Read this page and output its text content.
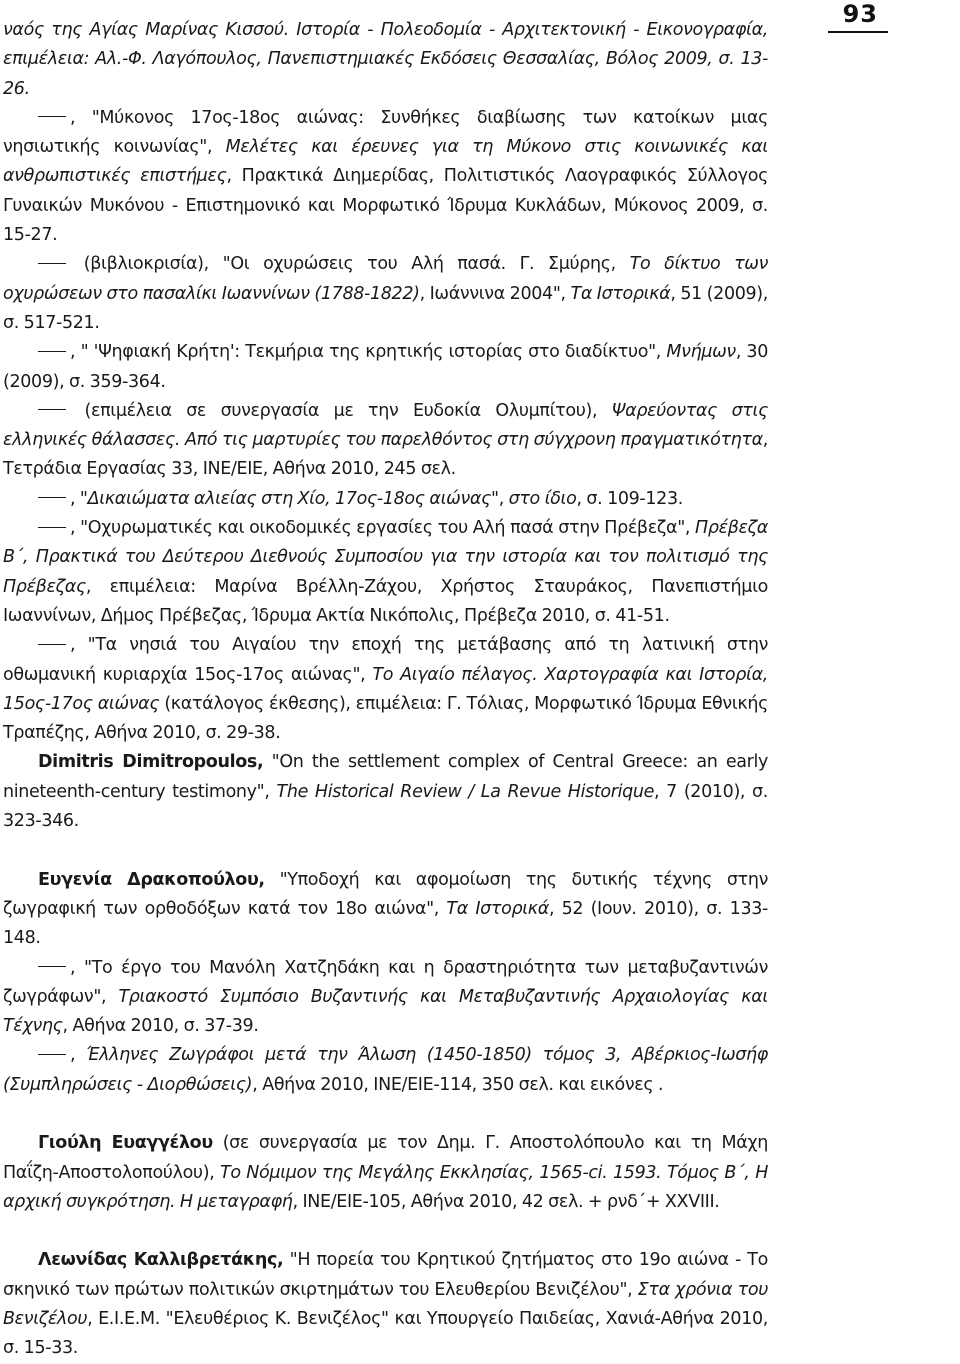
93

ναός της Αγίας Μαρίνας Κισσού. Ιστορία - Πολεοδομία - Αρχιτεκτονική - Εικονογραφία, επιμέλεια: Αλ.-Φ. Λαγόπουλος, Πανεπιστημιακές Εκδόσεις Θεσσαλίας, Βόλος 2009, σ. 13-26.

, "Μύκονος 17ος-18ος αιώνας: Συνθήκες διαβίωσης των κατοίκων μιας νησιωτικής κοινωνίας", Μελέτες και έρευνες για τη Μύκονο στις κοινωνικές και ανθρωπιστικές επιστήμες, Πρακτικά Διημερίδας, Πολιτιστικός Λαογραφικός Σύλλογος Γυναικών Μυκόνου - Επιστημονικό και Μορφωτικό Ίδρυμα Κυκλάδων, Μύκονος 2009, σ. 15-27.

(βιβλιοκρισία), "Οι οχυρώσεις του Αλή πασά. Γ. Σμύρης, Το δίκτυο των οχυρώσεων στο πασαλίκι Ιωαννίνων (1788-1822), Ιωάννινα 2004", Τα Ιστορικά, 51 (2009), σ. 517-521.

, " 'Ψηφιακή Κρήτη': Τεκμήρια της κρητικής ιστορίας στο διαδίκτυο", Μνήμων, 30 (2009), σ. 359-364.

(επιμέλεια σε συνεργασία με την Ευδοκία Ολυμπίτου), Ψαρεύοντας στις ελληνικές θάλασσες. Από τις μαρτυρίες του παρελθόντος στη σύγχρονη πραγματικότητα, Τετράδια Εργασίας 33, ΙΝΕ/ΕΙΕ, Αθήνα 2010, 245 σελ.

, "Δικαιώματα αλιείας στη Χίο, 17ος-18ος αιώνας", στο ίδιο, σ. 109-123.

, "Οχυρωματικές και οικοδομικές εργασίες του Αλή πασά στην Πρέβεζα", Πρέβεζα Β΄, Πρακτικά του Δεύτερου Διεθνούς Συμποσίου για την ιστορία και τον πολιτισμό της Πρέβεζας, επιμέλεια: Μαρίνα Βρέλλη-Ζάχου, Χρήστος Σταυράκος, Πανεπιστήμιο Ιωαννίνων, Δήμος Πρέβεζας, Ίδρυμα Ακτία Νικόπολις, Πρέβεζα 2010, σ. 41-51.

, "Τα νησιά του Αιγαίου την εποχή της μετάβασης από τη λατινική στην οθωμανική κυριαρχία 15ος-17ος αιώνας", Το Αιγαίο πέλαγος. Χαρτογραφία και Ιστορία, 15ος-17ος αιώνας (κατάλογος έκθεσης), επιμέλεια: Γ. Τόλιας, Μορφωτικό Ίδρυμα Εθνικής Τραπέζης, Αθήνα 2010, σ. 29-38.

Dimitris Dimitropoulos, "On the settlement complex of Central Greece: an early nineteenth-century testimony", The Historical Review / La Revue Historique, 7 (2010), σ. 323-346.

Ευγενία Δρακοπούλου, "Υποδοχή και αφομοίωση της δυτικής τέχνης στην ζωγραφική των ορθοδόξων κατά τον 18ο αιώνα", Τα Ιστορικά, 52 (Ιουν. 2010), σ. 133-148.

, "Το έργο του Μανόλη Χατζηδάκη και η δραστηριότητα των μεταβυζαντινών ζωγράφων", Τριακοστό Συμπόσιο Βυζαντινής και Μεταβυζαντινής Αρχαιολογίας και Τέχνης, Αθήνα 2010, σ. 37-39.

, Έλληνες Ζωγράφοι μετά την Άλωση (1450-1850) τόμος 3, Αβέρκιος-Ιωσήφ (Συμπληρώσεις - Διορθώσεις), Αθήνα 2010, ΙΝΕ/ΕΙΕ-114, 350 σελ. και εικόνες .

Γιούλη Ευαγγέλου (σε συνεργασία με τον Δημ. Γ. Αποστολόπουλο και τη Μάχη Παΐζη-Αποστολοπούλου), Το Νόμιμον της Μεγάλης Εκκλησίας, 1565-ci. 1593. Τόμος Β΄, Η αρχική συγκρότηση. Η μεταγραφή, ΙΝΕ/ΕΙΕ-105, Αθήνα 2010, 42 σελ. + ρνδ΄+ XXVIII.

Λεωνίδας Καλλιβρετάκης, "Η πορεία του Κρητικού ζητήματος στο 19ο αιώνα - Το σκηνικό των πρώτων πολιτικών σκιρτημάτων του Ελευθερίου Βενιζέλου", Στα χρόνια του Βενιζέλου, Ε.Ι.Ε.Μ. "Ελευθέριος Κ. Βενιζέλος" και Υπουργείο Παιδείας, Χανιά-Αθήνα 2010, σ. 15-33.
